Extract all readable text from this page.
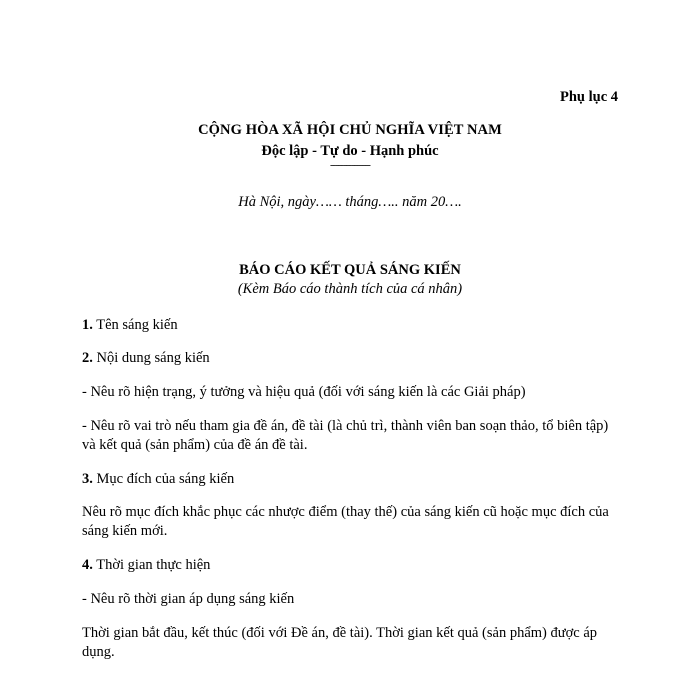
Phụ lục 4
CỘNG HÒA XÃ HỘI CHỦ NGHĨA VIỆT NAM
Độc lập - Tự do - Hạnh phúc
---------------
Hà Nội, ngày…… tháng….. năm 20….
BÁO CÁO KẾT QUẢ SÁNG KIẾN
(Kèm Báo cáo thành tích của cá nhân)
1. Tên sáng kiến
2. Nội dung sáng kiến
- Nêu rõ hiện trạng, ý tưởng và hiệu quả (đối với sáng kiến là các Giải pháp)
- Nêu rõ vai trò nếu tham gia đề án, đề tài (là chủ trì, thành viên ban soạn thảo, tổ biên tập) và kết quả (sản phẩm) của đề án đề tài.
3. Mục đích của sáng kiến
Nêu rõ mục đích khắc phục các nhược điểm (thay thế) của sáng kiến cũ hoặc mục đích của sáng kiến mới.
4. Thời gian thực hiện
- Nêu rõ thời gian áp dụng sáng kiến
Thời gian bắt đầu, kết thúc (đối với Đề án, đề tài). Thời gian kết quả (sản phẩm) được áp dụng.
